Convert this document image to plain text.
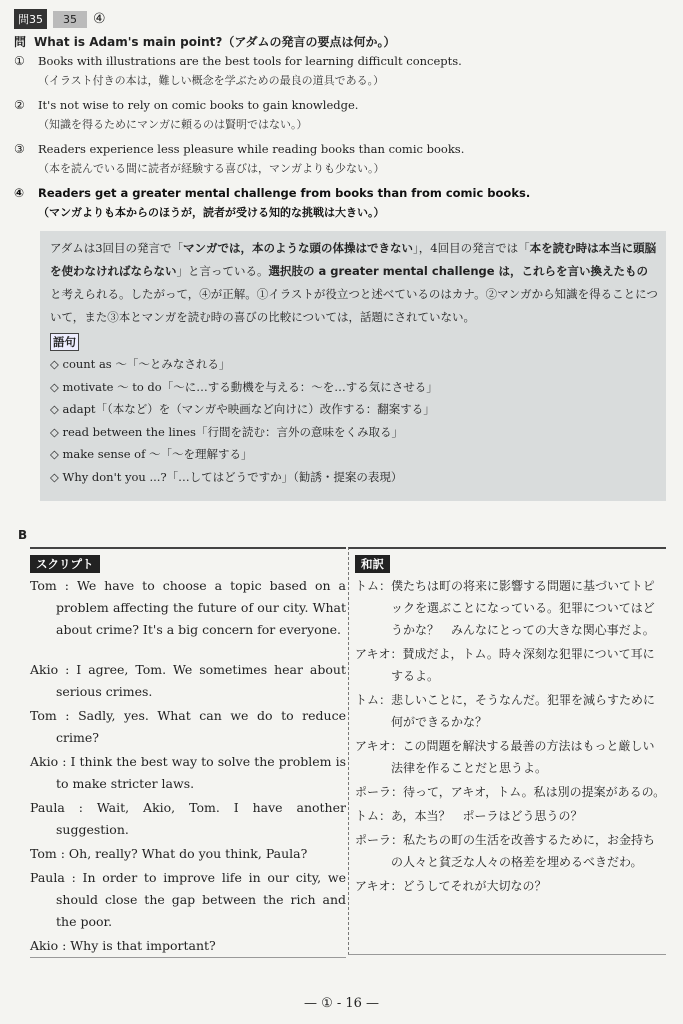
問35	35	④
問 What is Adam's main point?（アダムの発言の要点は何か。）
① Books with illustrations are the best tools for learning difficult concepts.
（イラスト付きの本は，難しい概念を学ぶための最良の道具である。）
② It's not wise to rely on comic books to gain knowledge.
（知識を得るためにマンガに頼るのは賢明ではない。）
③ Readers experience less pleasure while reading books than comic books.
（本を読んでいる間に読者が経験する喜びは，マンガよりも少ない。）
④ Readers get a greater mental challenge from books than from comic books.
（マンガよりも本からのほうが，読者が受ける知的な挑戦は大きい。）

アダムは3回目の発言で「マンガでは，本のような頭の体操はできない」，4回目の発言では「本を読む時は本当に頭脳を使わなければならない」と言っている。選択肢の a greater mental challenge は，これらを言い換えたものと考えられる。したがって，④が正解。①イラストが役立つと述べているのはカナ。②マンガから知識を得ることについて，また③本とマンガを読む時の喜びの比較については，話題にされていない。

語句
◇ count as ～「～とみなされる」
◇ motivate ～ to do「～に…する動機を与える：～を…する気にさせる」
◇ adapt「（本など）を（マンガや映画など向けに）改作する：翻案する」
◇ read between the lines「行間を読む：言外の意味をくみ取る」
◇ make sense of ～「～を理解する」
◇ Why don't you ...?「…してはどうですか」（勧誘・提案の表現）
B
スクリプト
Tom : We have to choose a topic based on a problem affecting the future of our city. What about crime? It's a big concern for everyone.
Akio : I agree, Tom. We sometimes hear about serious crimes.
Tom : Sadly, yes. What can we do to reduce crime?
Akio : I think the best way to solve the problem is to make stricter laws.
Paula : Wait, Akio, Tom. I have another suggestion.
Tom : Oh, really? What do you think, Paula?
Paula : In order to improve life in our city, we should close the gap between the rich and the poor.
Akio : Why is that important?
和訳
トム：僕たちは町の将来に影響する問題に基づいてトピックを選ぶことになっている。犯罪についてはどうかな？　みんなにとっての大きな関心事だよ。
アキオ：賛成だよ，トム。時々深刻な犯罪について耳にするよ。
トム：悲しいことに，そうなんだ。犯罪を減らすために何ができるかな？
アキオ：この問題を解決する最善の方法はもっと厳しい法律を作ることだと思うよ。
ポーラ：待って，アキオ，トム。私は別の提案があるの。
トム：あ，本当？　ポーラはどう思うの？
ポーラ：私たちの町の生活を改善するために，お金持ちの人々と貧乏な人々の格差を埋めるべきだわ。
アキオ：どうしてそれが大切なの？
— ① - 16 —
